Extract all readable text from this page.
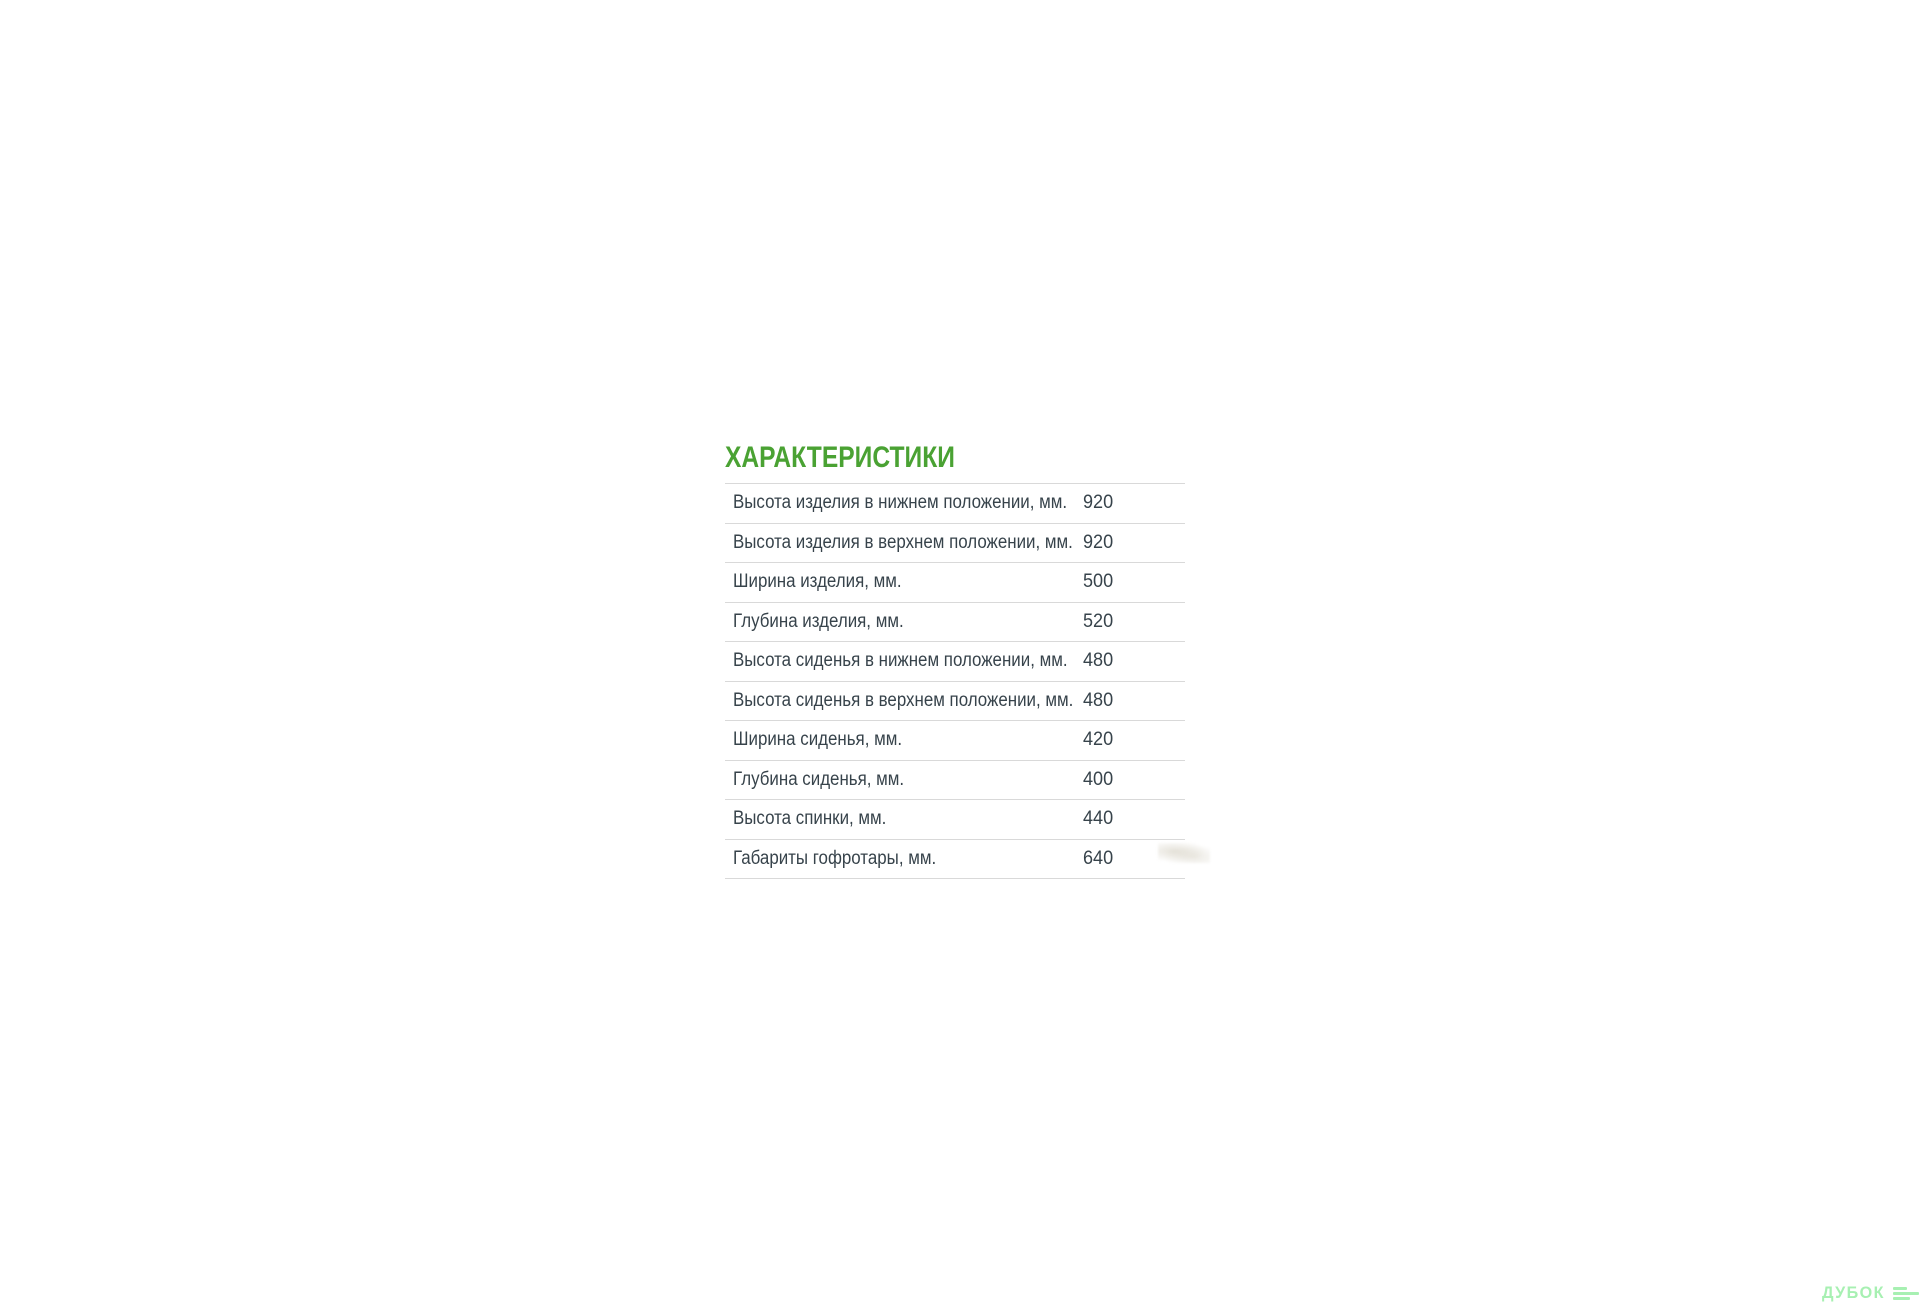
ХАРАКТЕРИСТИКИ
Высота изделия в нижнем положении, мм. 920
Высота изделия в верхнем положении, мм. 920
Ширина изделия, мм.	500
Глубина изделия, мм.	520
Высота сиденья в нижнем положении, мм. 480
Высота сиденья в верхнем положении, мм. 480
Ширина сиденья, мм.	420
Глубина сиденья, мм.	400
Высота спинки, мм.	440
Габариты гофротары, мм.	640
ДУБОК
